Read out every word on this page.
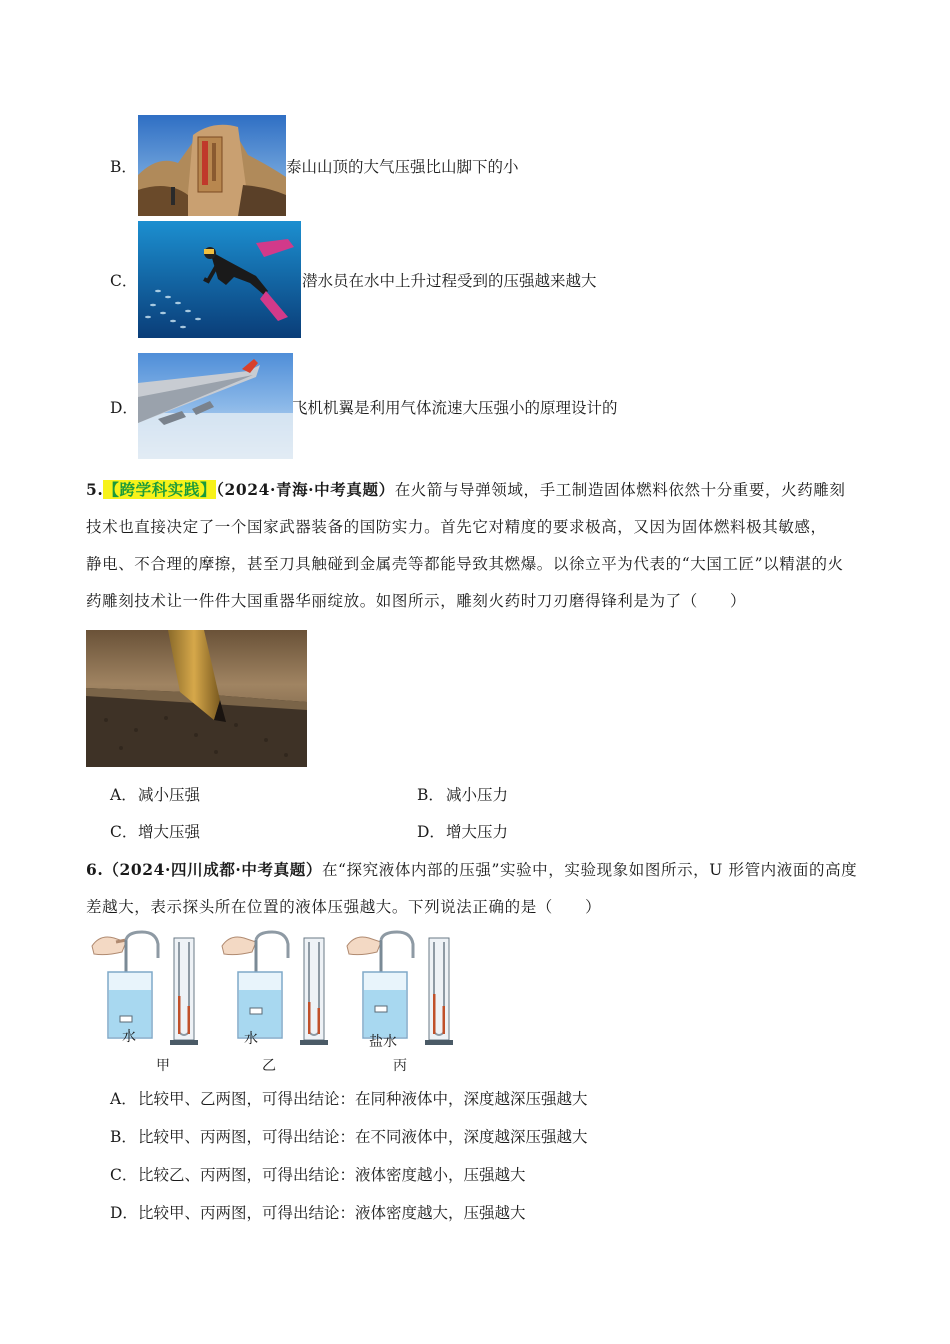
B．	泰山山顶的大气压强比山脚下的小
C．	潜水员在水中上升过程受到的压强越来越大
D．	飞机机翼是利用气体流速大压强小的原理设计的
5.【跨学科实践】（2024·青海·中考真题）在火箭与导弹领域，手工制造固体燃料依然十分重要，火药雕刻
技术也直接决定了一个国家武器装备的国防实力。首先它对精度的要求极高，又因为固体燃料极其敏感，
静电、不合理的摩擦，甚至刀具触碰到金属壳等都能导致其燃爆。以徐立平为代表的“大国工匠”以精湛的火
药雕刻技术让一件件大国重器华丽绽放。如图所示，雕刻火药时刀刃磨得锋利是为了（　　）
A． 减小压强	B． 减小压力
C． 增大压强	D． 增大压力
6.（2024·四川成都·中考真题）在“探究液体内部的压强”实验中，实验现象如图所示，U 形管内液面的高度
差越大，表示探头所在位置的液体压强越大。下列说法正确的是（　　）
水
甲
水
乙
盐水
丙
A． 比较甲、乙两图，可得出结论：在同种液体中，深度越深压强越大
B． 比较甲、丙两图，可得出结论：在不同液体中，深度越深压强越大
C． 比较乙、丙两图，可得出结论：液体密度越小，压强越大
D． 比较甲、丙两图，可得出结论：液体密度越大，压强越大
